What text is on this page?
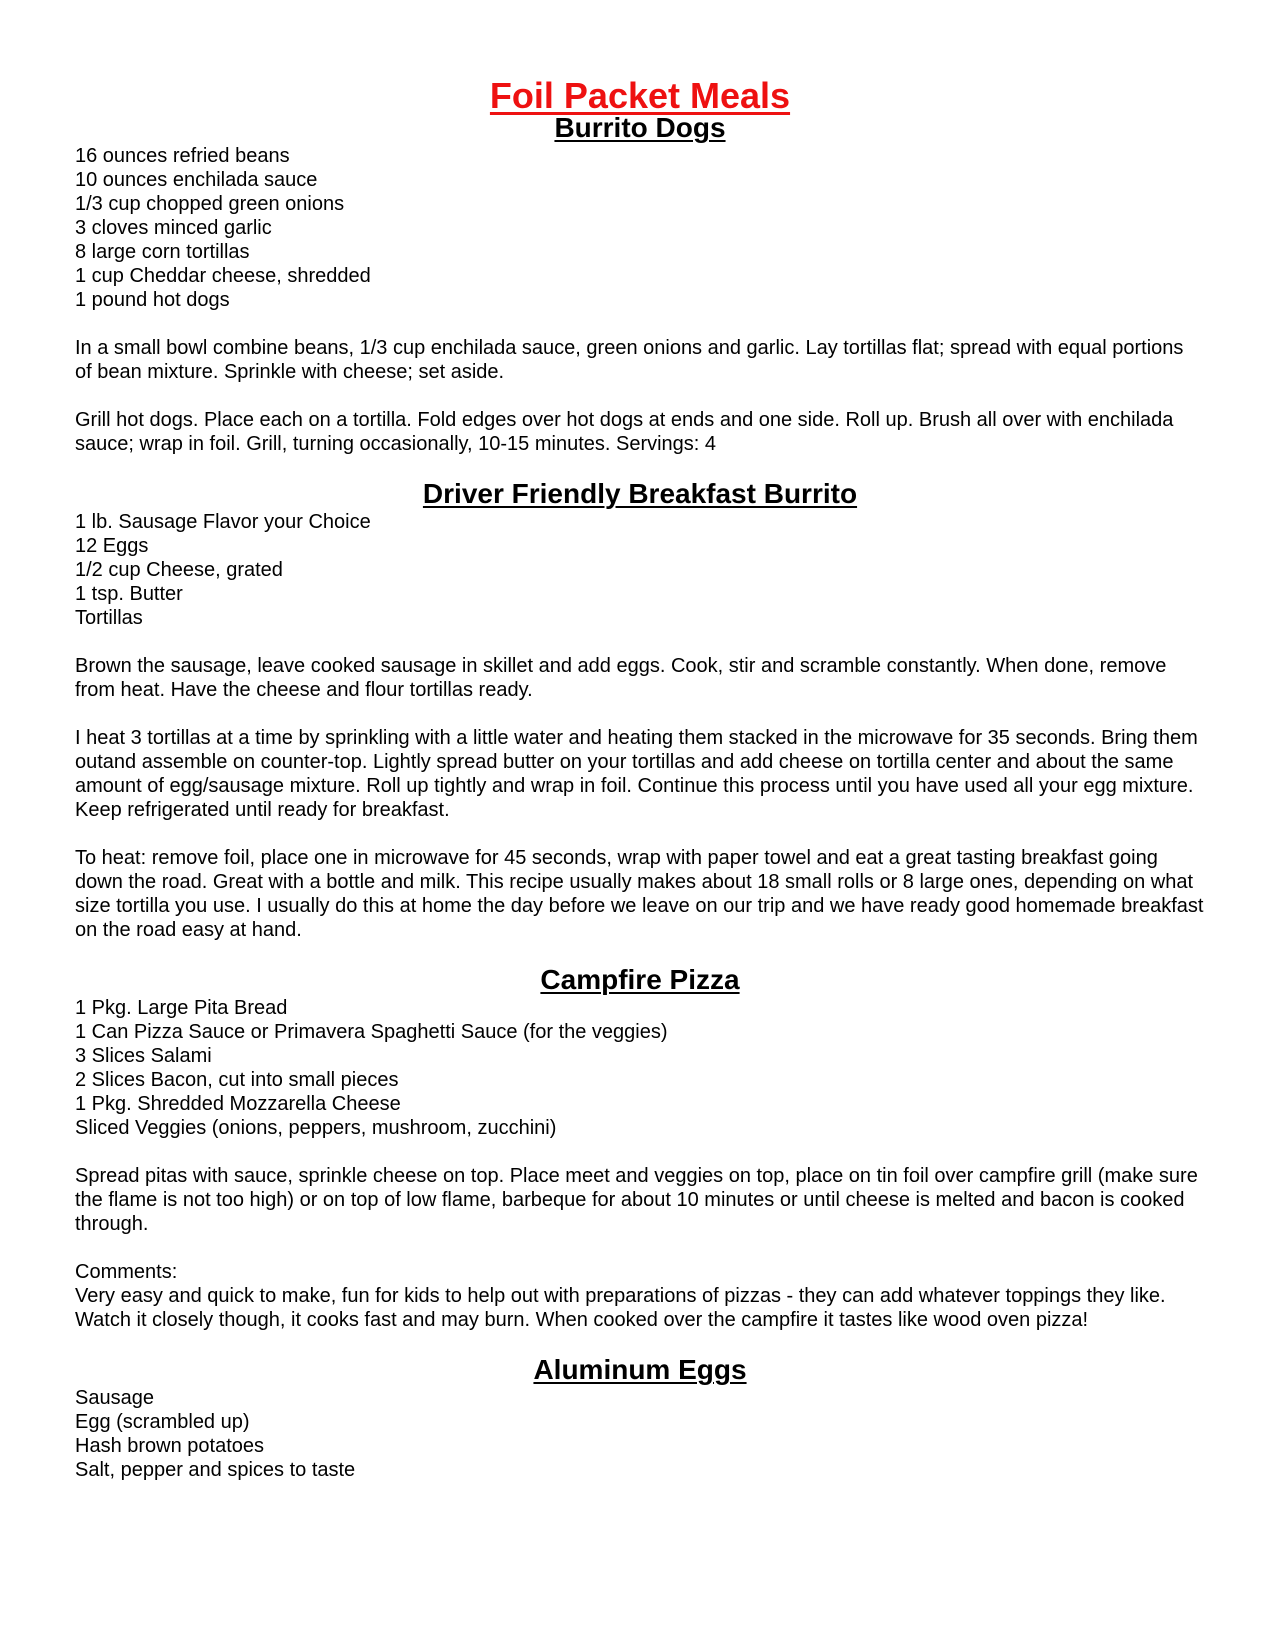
Foil Packet Meals
Burrito Dogs
16 ounces refried beans
10 ounces enchilada sauce
1/3 cup chopped green onions
3 cloves minced garlic
8 large corn tortillas
1 cup Cheddar cheese, shredded
1 pound hot dogs

In a small bowl combine beans, 1/3 cup enchilada sauce, green onions and garlic. Lay tortillas flat; spread with equal portions of bean mixture. Sprinkle with cheese; set aside.

Grill hot dogs. Place each on a tortilla. Fold edges over hot dogs at ends and one side. Roll up. Brush all over with enchilada sauce; wrap in foil. Grill, turning occasionally, 10-15 minutes. Servings: 4

Driver Friendly Breakfast Burrito
1 lb. Sausage Flavor your Choice
12 Eggs
1/2 cup Cheese, grated
1 tsp. Butter
Tortillas

Brown the sausage, leave cooked sausage in skillet and add eggs. Cook, stir and scramble constantly. When done, remove from heat. Have the cheese and flour tortillas ready.

I heat 3 tortillas at a time by sprinkling with a little water and heating them stacked in the microwave for 35 seconds. Bring them outand assemble on counter-top. Lightly spread butter on your tortillas and add cheese on tortilla center and about the same amount of egg/sausage mixture. Roll up tightly and wrap in foil. Continue this process until you have used all your egg mixture. Keep refrigerated until ready for breakfast.

To heat: remove foil, place one in microwave for 45 seconds, wrap with paper towel and eat a great tasting breakfast going down the road. Great with a bottle and milk. This recipe usually makes about 18 small rolls or 8 large ones, depending on what size tortilla you use. I usually do this at home the day before we leave on our trip and we have ready good homemade breakfast on the road easy at hand.

Campfire Pizza
1 Pkg. Large Pita Bread
1 Can Pizza Sauce or Primavera Spaghetti Sauce (for the veggies)
3 Slices Salami
2 Slices Bacon, cut into small pieces
1 Pkg. Shredded Mozzarella Cheese
Sliced Veggies (onions, peppers, mushroom, zucchini)

Spread pitas with sauce, sprinkle cheese on top. Place meet and veggies on top, place on tin foil over campfire grill (make sure the flame is not too high) or on top of low flame, barbeque for about 10 minutes or until cheese is melted and bacon is cooked through.

Comments:
Very easy and quick to make, fun for kids to help out with preparations of pizzas - they can add whatever toppings they like. Watch it closely though, it cooks fast and may burn. When cooked over the campfire it tastes like wood oven pizza!

Aluminum Eggs
Sausage
Egg (scrambled up)
Hash brown potatoes
Salt, pepper and spices to taste
